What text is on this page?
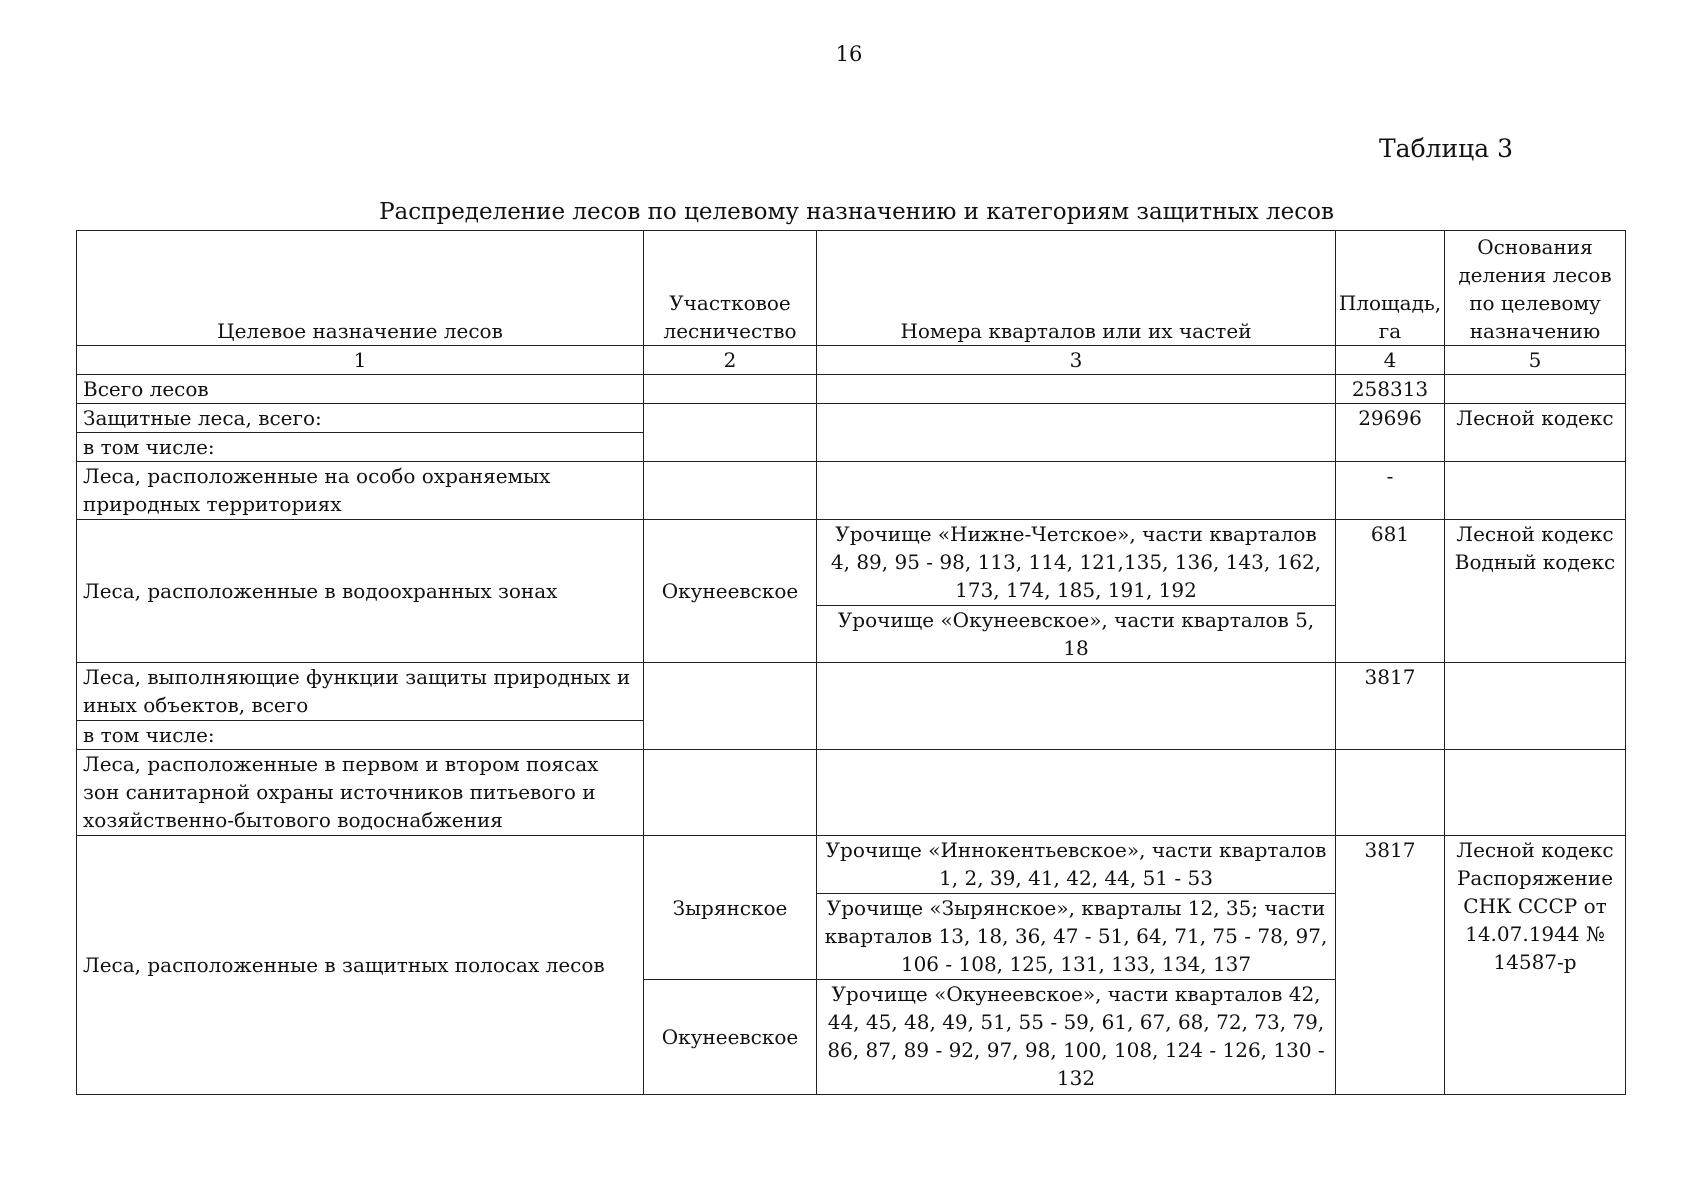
16
Таблица 3
Распределение лесов по целевому назначению и категориям защитных лесов
Целевое назначение лесов	Участковое лесничество	Номера кварталов или их частей	Площадь, га	Основания деления лесов по целевому назначению
1	2	3	4	5
Всего лесов			258313	
Защитные леса, всего:			29696	Лесной кодекс
в том числе:				
Леса, расположенные на особо охраняемых природных территориях			-	
Леса, расположенные в водоохранных зонах	Окунеевское	Урочище «Нижне-Четское», части кварталов 4, 89, 95 - 98, 113, 114, 121,135, 136, 143, 162, 173, 174, 185, 191, 192	681	Лесной кодекс Водный кодекс
		Урочище «Окунеевское», части кварталов 5, 18		
Леса, выполняющие функции защиты природных и иных объектов, всего			3817	
в том числе:				
Леса, расположенные в первом и втором поясах зон санитарной охраны источников питьевого и хозяйственно-бытового водоснабжения				
Леса, расположенные в защитных полосах лесов	Зырянское	Урочище «Иннокентьевское», части кварталов 1, 2, 39, 41, 42, 44, 51 - 53	3817	Лесной кодекс Распоряжение СНК СССР от 14.07.1944 № 14587-р
		Урочище «Зырянское», кварталы 12, 35; части кварталов 13, 18, 36, 47 - 51, 64, 71, 75 - 78, 97, 106 - 108, 125, 131, 133, 134, 137		
	Окунеевское	Урочище «Окунеевское», части кварталов 42, 44, 45, 48, 49, 51, 55 - 59, 61, 67, 68, 72, 73, 79, 86, 87, 89 - 92, 97, 98, 100, 108, 124 - 126, 130 - 132		
